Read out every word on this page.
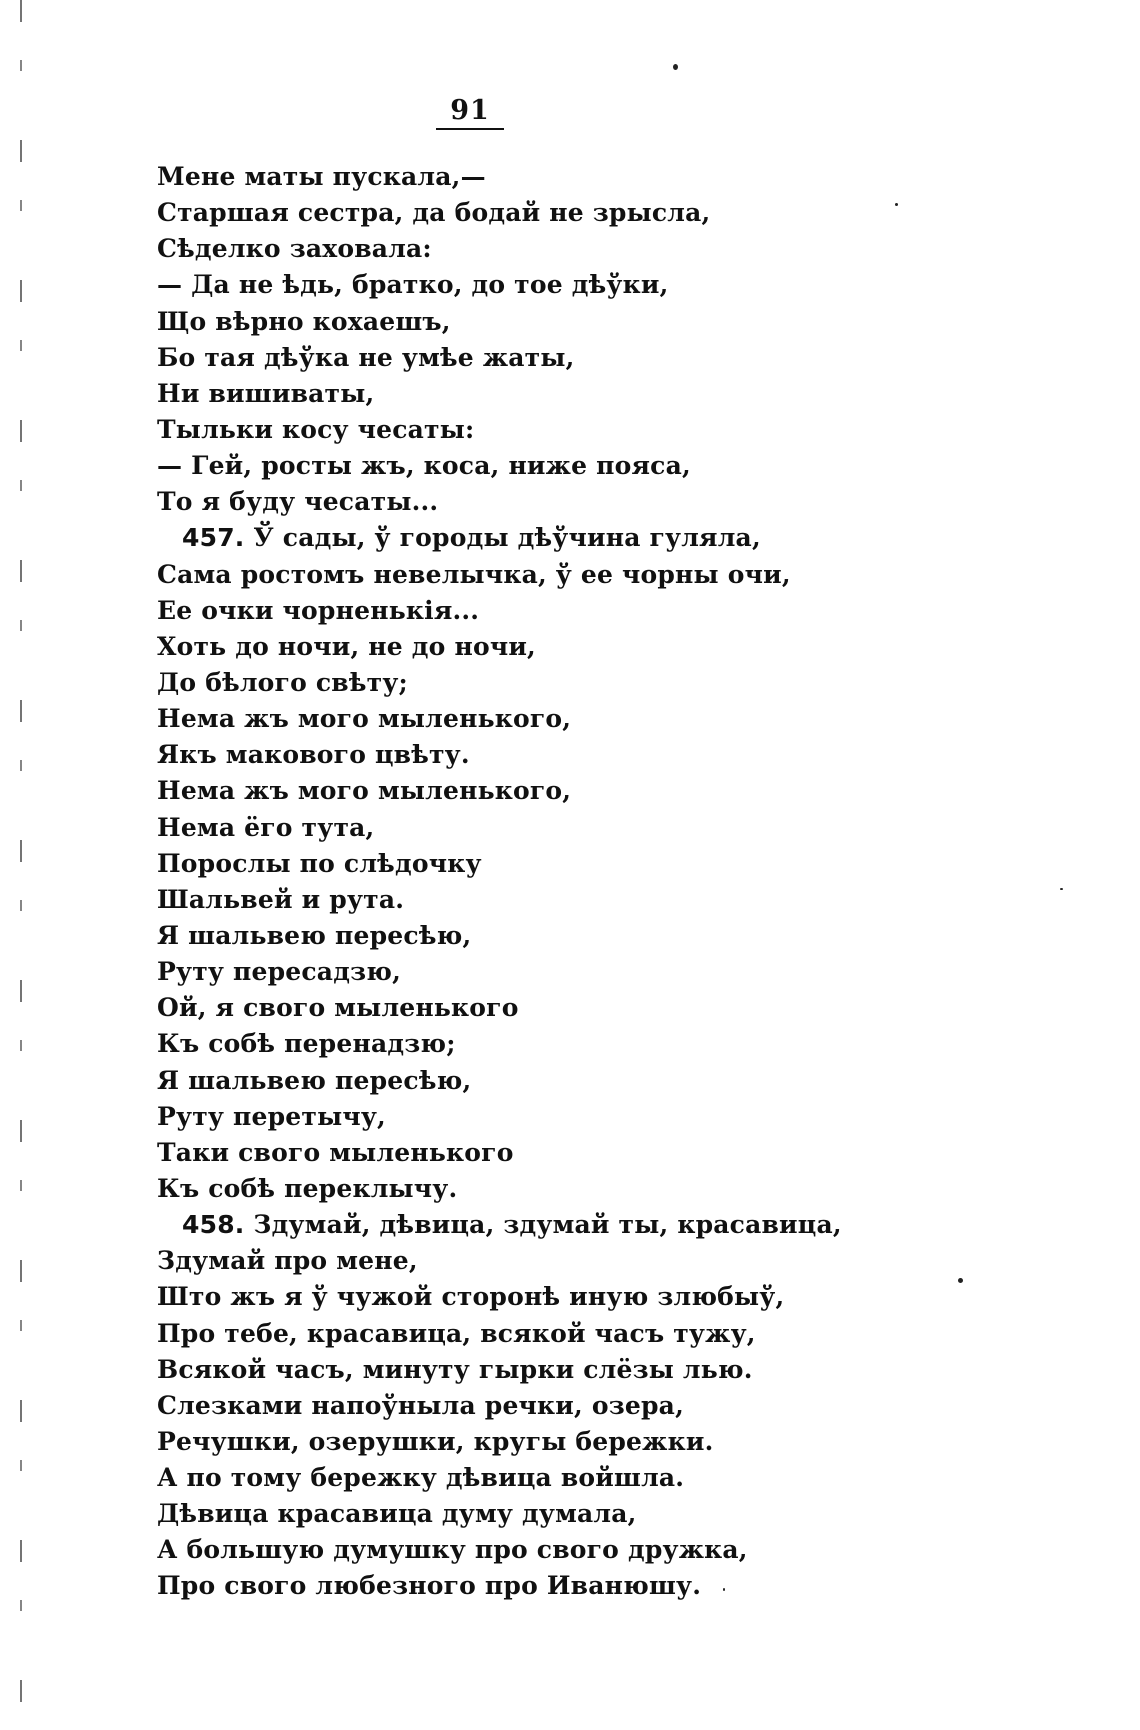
91
Мене маты пускала,—
Старшая сестра, да бодай не зрысла,
Сѣделко заховала:
— Да не ѣдь, братко, до тое дѣўки,
Що вѣрно кохаешъ,
Бо тая дѣўка не умѣе жаты,
Ни вишиваты,
Тыльки косу чесаты:
— Гей, росты жъ, коса, ниже пояса,
То я буду чесаты...
457. Ў сады, ў городы дѣўчина гуляла,
Сама ростомъ невелычка, ў ее чорны очи,
Ее очки чорненькія...
Хоть до ночи, не до ночи,
До бѣлого свѣту;
Нема жъ мого мыленького,
Якъ макового цвѣту.
Нема жъ мого мыленького,
Нема ёго тута,
Порослы по слѣдочку
Шальвей и рута.
Я шальвею пересѣю,
Руту пересадзю,
Ой, я свого мыленького
Къ собѣ перенадзю;
Я шальвею пересѣю,
Руту перетычу,
Таки свого мыленького
Къ собѣ переклычу.
458. Здумай, дѣвица, здумай ты, красавица,
Здумай про мене,
Што жъ я ў чужой сторонѣ иную злюбыў,
Про тебе, красавица, всякой часъ тужу,
Всякой часъ, минуту гырки слёзы лью.
Слезками напоўныла речки, озера,
Речушки, озерушки, кругы бережки.
А по тому бережку дѣвица войшла.
Дѣвица красавица думу думала,
А большую думушку про свого дружка,
Про свого любезного про Иванюшу.
